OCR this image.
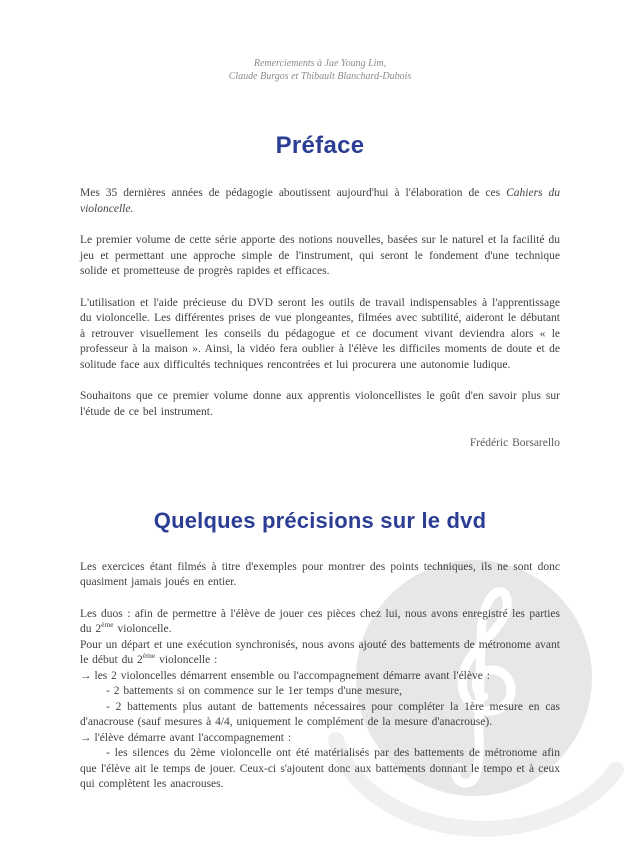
Remerciements à Jae Young Lim,
Claude Burgos et Thibault Blanchard-Dubois
Préface

Mes 35 dernières années de pédagogie aboutissent aujourd'hui à l'élaboration de ces Cahiers du violoncelle.

Le premier volume de cette série apporte des notions nouvelles, basées sur le naturel et la facilité du jeu et permettant une approche simple de l'instrument, qui seront le fondement d'une technique solide et prometteuse de progrès rapides et efficaces.

L'utilisation et l'aide précieuse du DVD seront les outils de travail indispensables à l'apprentissage du violoncelle. Les différentes prises de vue plongeantes, filmées avec subtilité, aideront le débutant à retrouver visuellement les conseils du pédagogue et ce document vivant deviendra alors « le professeur à la maison ». Ainsi, la vidéo fera oublier à l'élève les difficiles moments de doute et de solitude face aux difficultés techniques rencontrées et lui procurera une autonomie ludique.

Souhaitons que ce premier volume donne aux apprentis violoncellistes le goût d'en savoir plus sur l'étude de ce bel instrument.

Frédéric Borsarello

Quelques précisions sur le dvd

Les exercices étant filmés à titre d'exemples pour montrer des points techniques, ils ne sont donc quasiment jamais joués en entier.

Les duos : afin de permettre à l'élève de jouer ces pièces chez lui, nous avons enregistré les parties du 2ème violoncelle.

Pour un départ et une exécution synchronisés, nous avons ajouté des battements de métronome avant le début du 2ème violoncelle :

→ les 2 violoncelles démarrent ensemble ou l'accompagnement démarre avant l'élève :

- 2 battements si on commence sur le 1er temps d'une mesure,

- 2 battements plus autant de battements nécessaires pour compléter la 1ère mesure en cas d'anacrouse (sauf mesures à 4/4, uniquement le complément de la mesure d'anacrouse).

→ l'élève démarre avant l'accompagnement :

- les silences du 2ème violoncelle ont été matérialisés par des battements de métronome afin que l'élève ait le temps de jouer. Ceux-ci s'ajoutent donc aux battements donnant le tempo et à ceux qui complètent les anacrouses.
